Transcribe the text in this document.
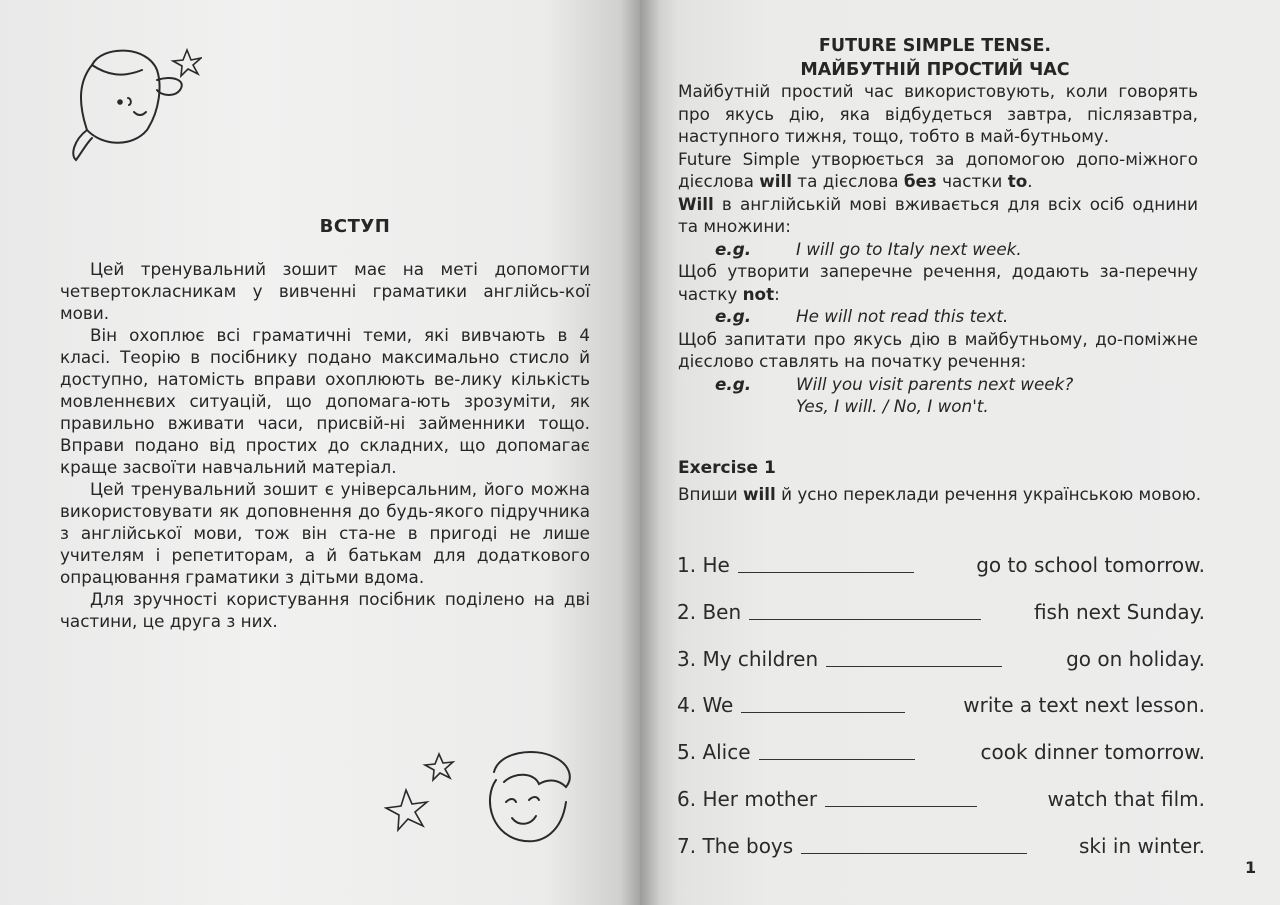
ВСТУП

Цей тренувальний зошит має на меті допомогти четвертокласникам у вивченні граматики англійсь-кої мови.

Він охоплює всі граматичні теми, які вивчають в 4 класі. Теорію в посібнику подано максимально стисло й доступно, натомість вправи охоплюють ве-лику кількість мовленнєвих ситуацій, що допомага-ють зрозуміти, як правильно вживати часи, присвій-ні займенники тощо. Вправи подано від простих до складних, що допомагає краще засвоїти навчальний матеріал.

Цей тренувальний зошит є універсальним, його можна використовувати як доповнення до будь-якого підручника з англійської мови, тож він ста-не в пригоді не лише учителям і репетиторам, а й батькам для додаткового опрацювання граматики з дітьми вдома.

Для зручності користування посібник поділено на дві частини, це друга з них.

FUTURE SIMPLE TENSE.
МАЙБУТНІЙ ПРОСТИЙ ЧАС

Майбутній простий час використовують, коли говорять про якусь дію, яка відбудеться завтра, післязавтра, наступного тижня, тощо, тобто в май-бутньому.

Future Simple утворюється за допомогою допо-міжного дієслова will та дієслова без частки to.

Will в англійській мові вживається для всіх осіб однини та множини:

e.g.	I will go to Italy next week.

Щоб утворити заперечне речення, додають за-перечну частку not:

e.g.	He will not read this text.

Щоб запитати про якусь дію в майбутньому, до-поміжне дієслово ставлять на початку речення:

e.g.	Will you visit parents next week?
Yes, I will. / No, I won't.
Exercise 1
Впиши will й усно переклади речення українською мовою.
1. He	go to school tomorrow.
2. Ben	fish next Sunday.
3. My children	go on holiday.
4. We	write a text next lesson.
5. Alice	cook dinner tomorrow.
6. Her mother	watch that film.
7. The boys	ski in winter.
1
